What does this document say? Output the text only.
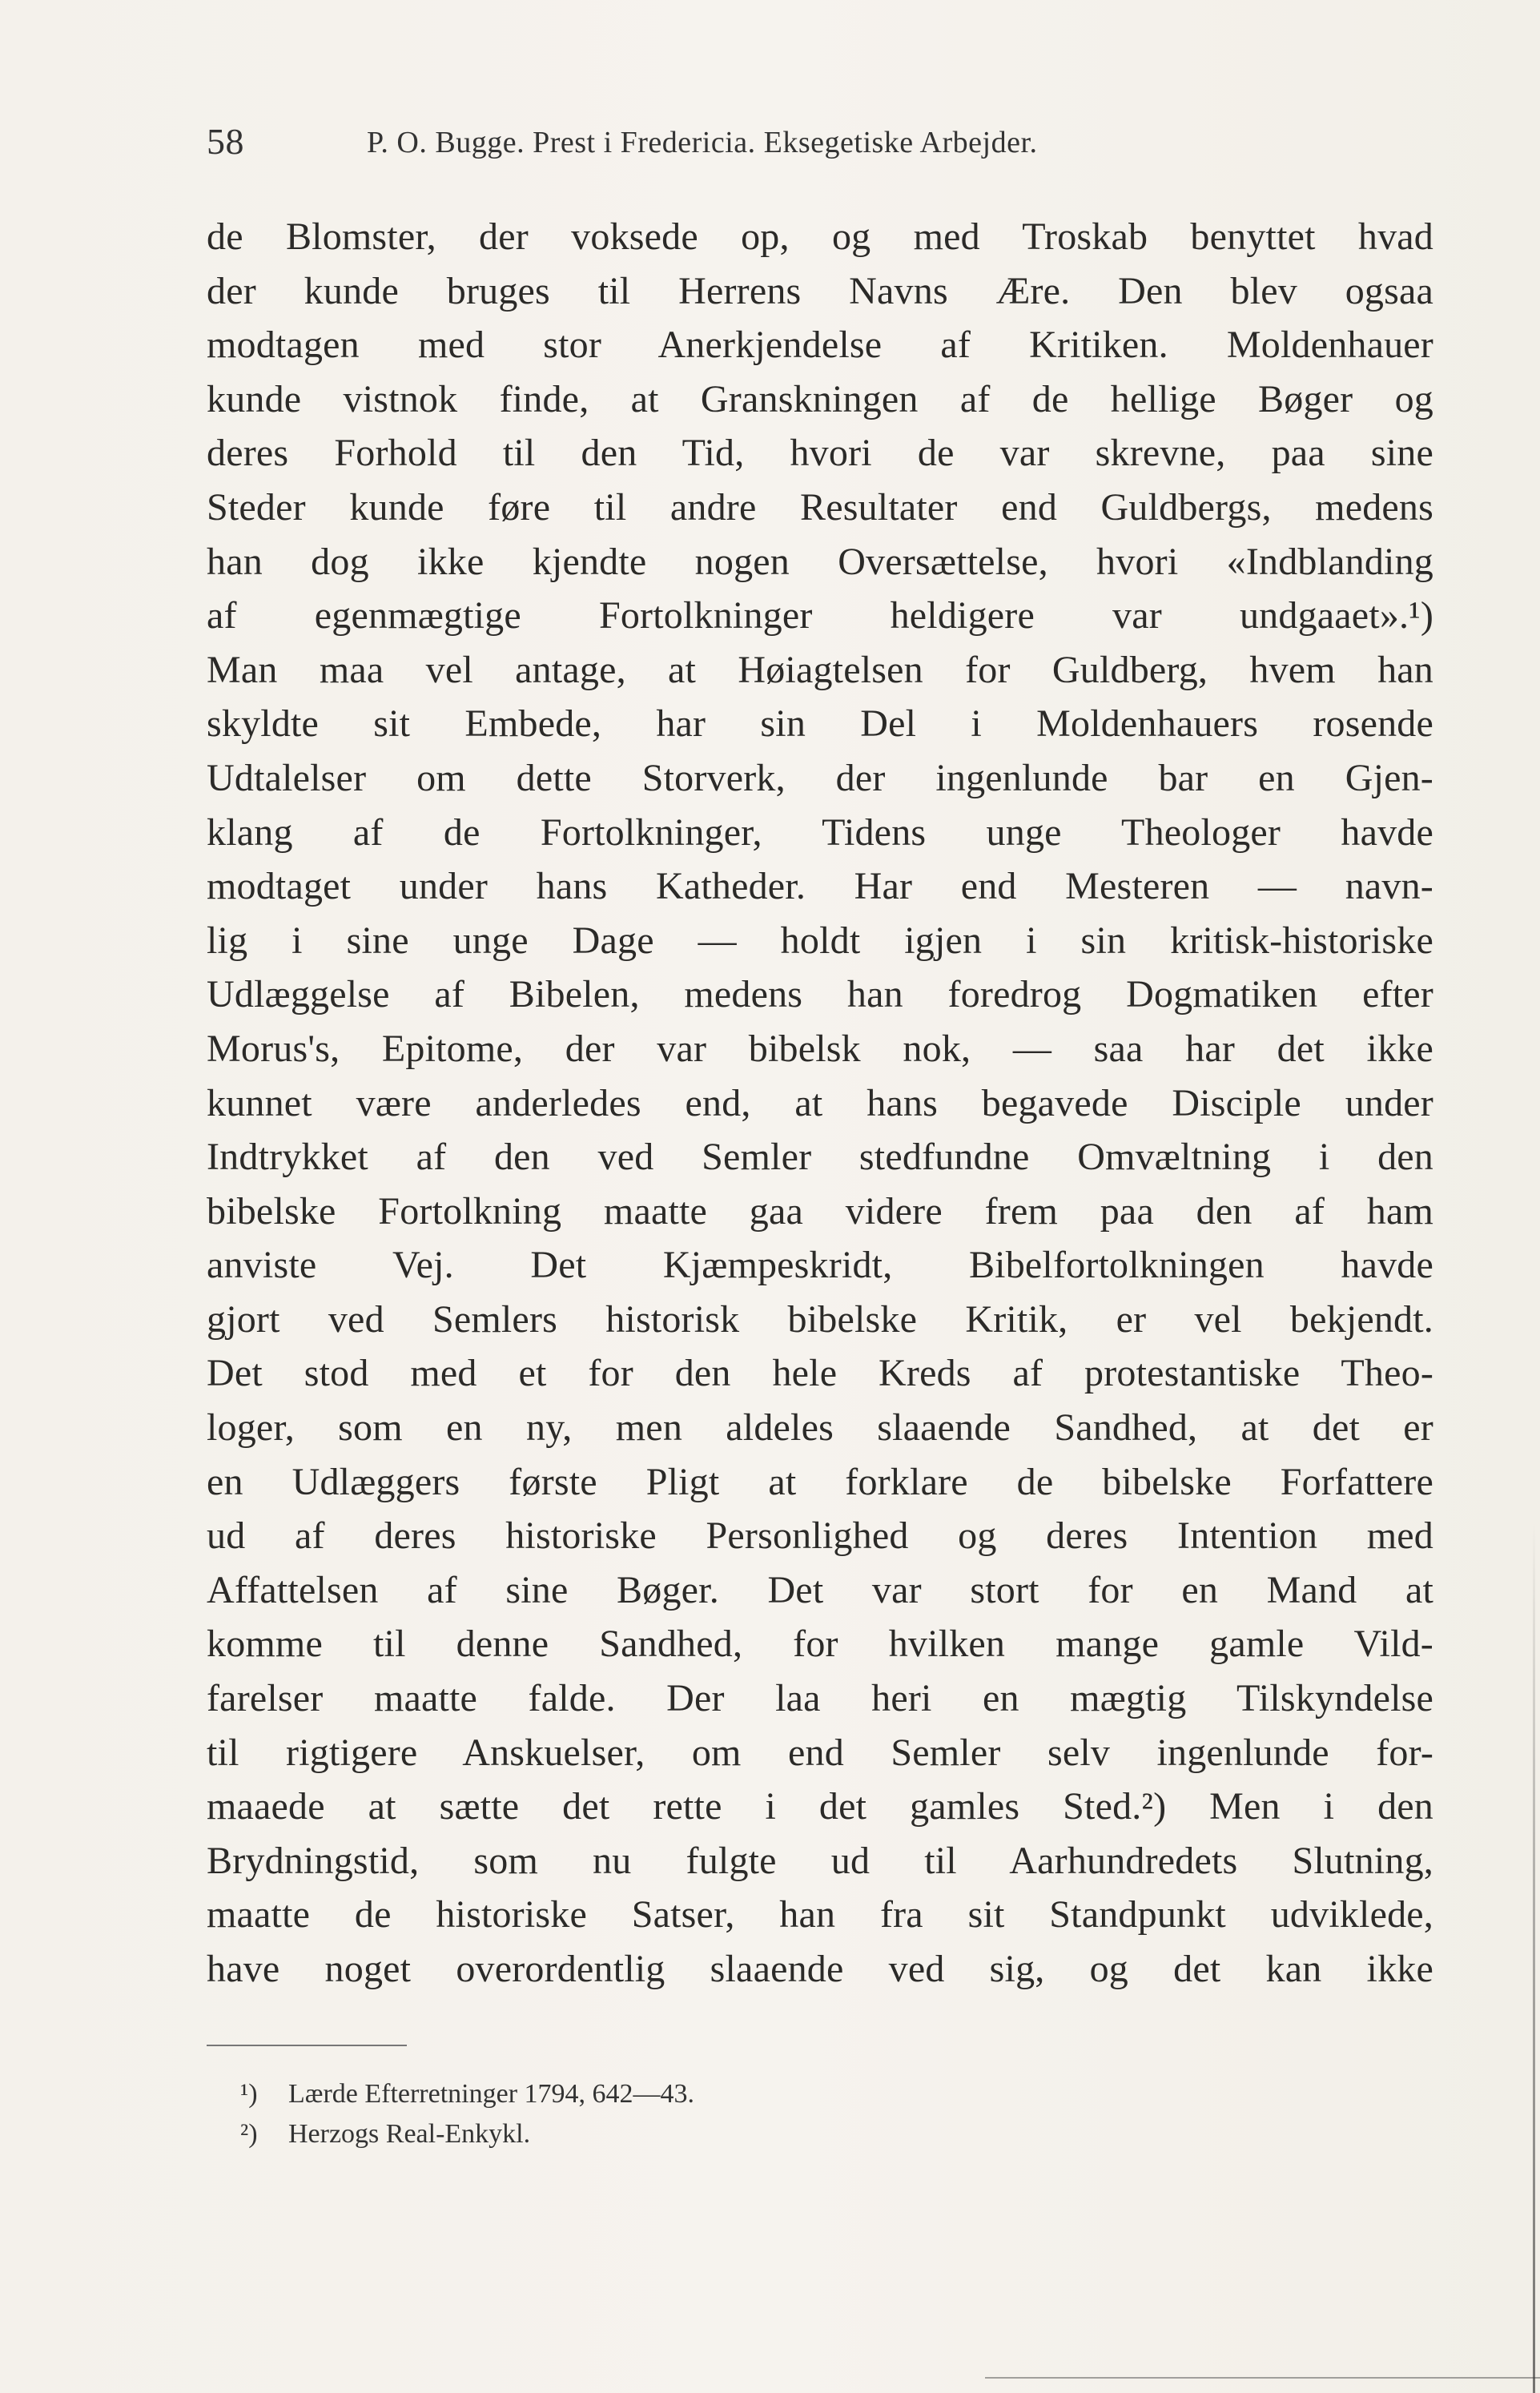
58	P. O. Bugge. Prest i Fredericia. Eksegetiske Arbejder.
de Blomster, der voksede op, og med Troskab benyttet hvad
der kunde bruges til Herrens Navns Ære. Den blev ogsaa
modtagen med stor Anerkjendelse af Kritiken. Moldenhauer
kunde vistnok finde, at Granskningen af de hellige Bøger og
deres Forhold til den Tid, hvori de var skrevne, paa sine
Steder kunde føre til andre Resultater end Guldbergs, medens
han dog ikke kjendte nogen Oversættelse, hvori «Indblanding
af egenmægtige Fortolkninger heldigere var undgaaet».¹)
Man maa vel antage, at Høiagtelsen for Guldberg, hvem han
skyldte sit Embede, har sin Del i Moldenhauers rosende
Udtalelser om dette Storverk, der ingenlunde bar en Gjen-
klang af de Fortolkninger, Tidens unge Theologer havde
modtaget under hans Katheder. Har end Mesteren — navn-
lig i sine unge Dage — holdt igjen i sin kritisk-historiske
Udlæggelse af Bibelen, medens han foredrog Dogmatiken efter
Morus's, Epitome, der var bibelsk nok, — saa har det ikke
kunnet være anderledes end, at hans begavede Disciple under
Indtrykket af den ved Semler stedfundne Omvæltning i den
bibelske Fortolkning maatte gaa videre frem paa den af ham
anviste Vej. Det Kjæmpeskridt, Bibelfortolkningen havde
gjort ved Semlers historisk bibelske Kritik, er vel bekjendt.
Det stod med et for den hele Kreds af protestantiske Theo-
loger, som en ny, men aldeles slaaende Sandhed, at det er
en Udlæggers første Pligt at forklare de bibelske Forfattere
ud af deres historiske Personlighed og deres Intention med
Affattelsen af sine Bøger. Det var stort for en Mand at
komme til denne Sandhed, for hvilken mange gamle Vild-
farelser maatte falde. Der laa heri en mægtig Tilskyndelse
til rigtigere Anskuelser, om end Semler selv ingenlunde for-
maaede at sætte det rette i det gamles Sted.²) Men i den
Brydningstid, som nu fulgte ud til Aarhundredets Slutning,
maatte de historiske Satser, han fra sit Standpunkt udviklede,
have noget overordentlig slaaende ved sig, og det kan ikke
¹) Lærde Efterretninger 1794, 642—43.
²) Herzogs Real-Enkykl.
